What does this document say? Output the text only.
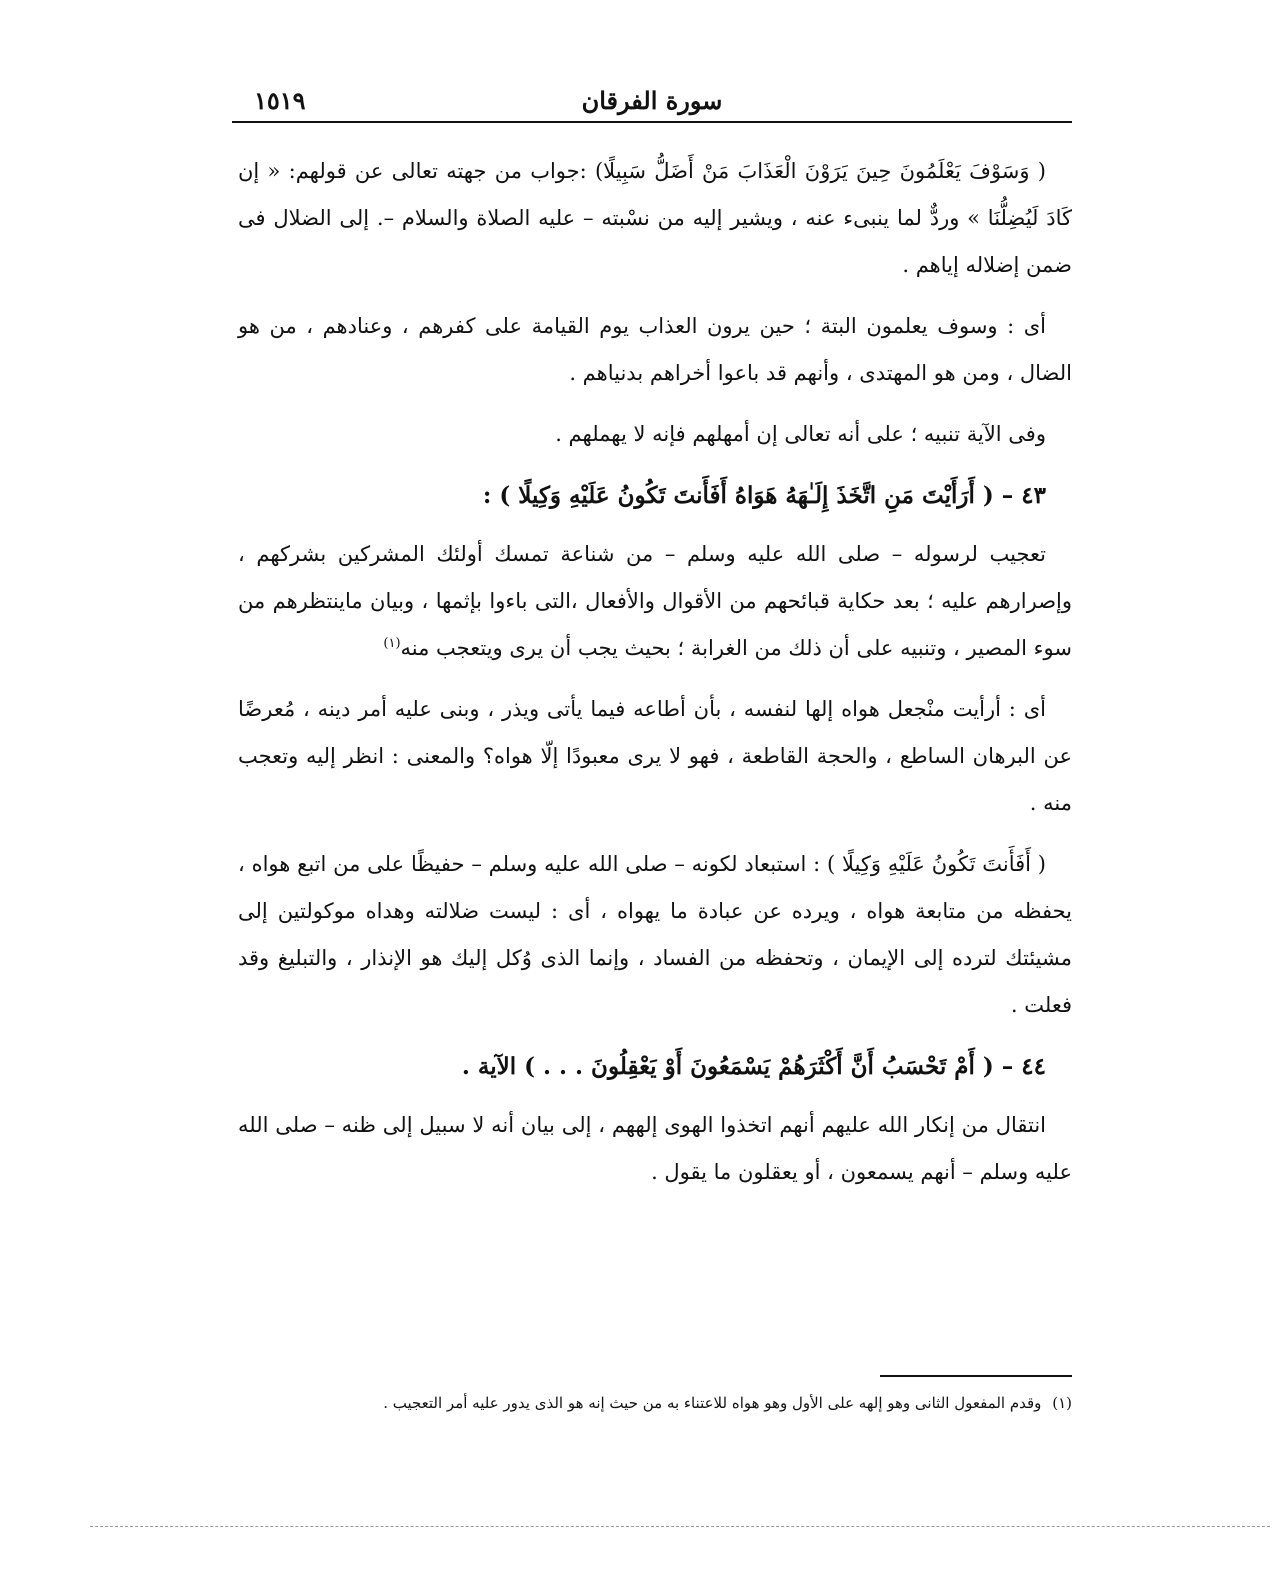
سورة الفرقان
١٥١٩

( وَسَوْفَ يَعْلَمُونَ حِينَ يَرَوْنَ الْعَذَابَ مَنْ أَضَلُّ سَبِيلًا) :جواب من جهته تعالى عن قولهم: « إن كَادَ لَيُضِلُّنَا » وردٌّ لما ينبىء عنه ، ويشير إليه من نسْبته – عليه الصلاة والسلام –. إلى الضلال فى ضمن إضلاله إياهم .

أى : وسوف يعلمون البتة ؛ حين يرون العذاب يوم القيامة على كفرهم ، وعنادهم ، من هو الضال ، ومن هو المهتدى ، وأنهم قد باعوا أخراهم بدنياهم .

وفى الآية تنبيه ؛ على أنه تعالى إن أمهلهم فإنه لا يهملهم .

٤٣ – ( أَرَأَيْتَ مَنِ اتَّخَذَ إِلَـٰهَهُ هَوَاهُ أَفَأَنتَ تَكُونُ عَلَيْهِ وَكِيلًا ) :

تعجيب لرسوله – صلى الله عليه وسلم – من شناعة تمسك أولئك المشركين بشركهم ، وإصرارهم عليه ؛ بعد حكاية قبائحهم من الأقوال والأفعال ،التى باءوا بإثمها ، وبيان ماينتظرهم من سوء المصير ، وتنبيه على أن ذلك من الغرابة ؛ بحيث يجب أن يرى ويتعجب منه$^{(١)}$

أى : أرأيت منْجعل هواه إلها لنفسه ، بأن أطاعه فيما يأتى ويذر ، وبنى عليه أمر دينه ، مُعرضًا عن البرهان الساطع ، والحجة القاطعة ، فهو لا يرى معبودًا إلّا هواه؟ والمعنى : انظر إليه وتعجب منه .

( أَفَأَنتَ تَكُونُ عَلَيْهِ وَكِيلًا ) : استبعاد لكونه – صلى الله عليه وسلم – حفيظًا على من اتبع هواه ، يحفظه من متابعة هواه ، ويرده عن عبادة ما يهواه ، أى : ليست ضلالته وهداه موكولتين إلى مشيئتك لترده إلى الإيمان ، وتحفظه من الفساد ، وإنما الذى وُكل إليك هو الإنذار ، والتبليغ وقد فعلت .

٤٤ – ( أَمْ تَحْسَبُ أَنَّ أَكْثَرَهُمْ يَسْمَعُونَ أَوْ يَعْقِلُونَ . . . ) الآية .

انتقال من إنكار الله عليهم أنهم اتخذوا الهوى إلههم ، إلى بيان أنه لا سبيل إلى ظنه – صلى الله عليه وسلم – أنهم يسمعون ، أو يعقلون ما يقول .

(١) وقدم المفعول الثانى وهو إلهه على الأول وهو هواه للاعتناء به من حيث إنه هو الذى يدور عليه أمر التعجيب .
